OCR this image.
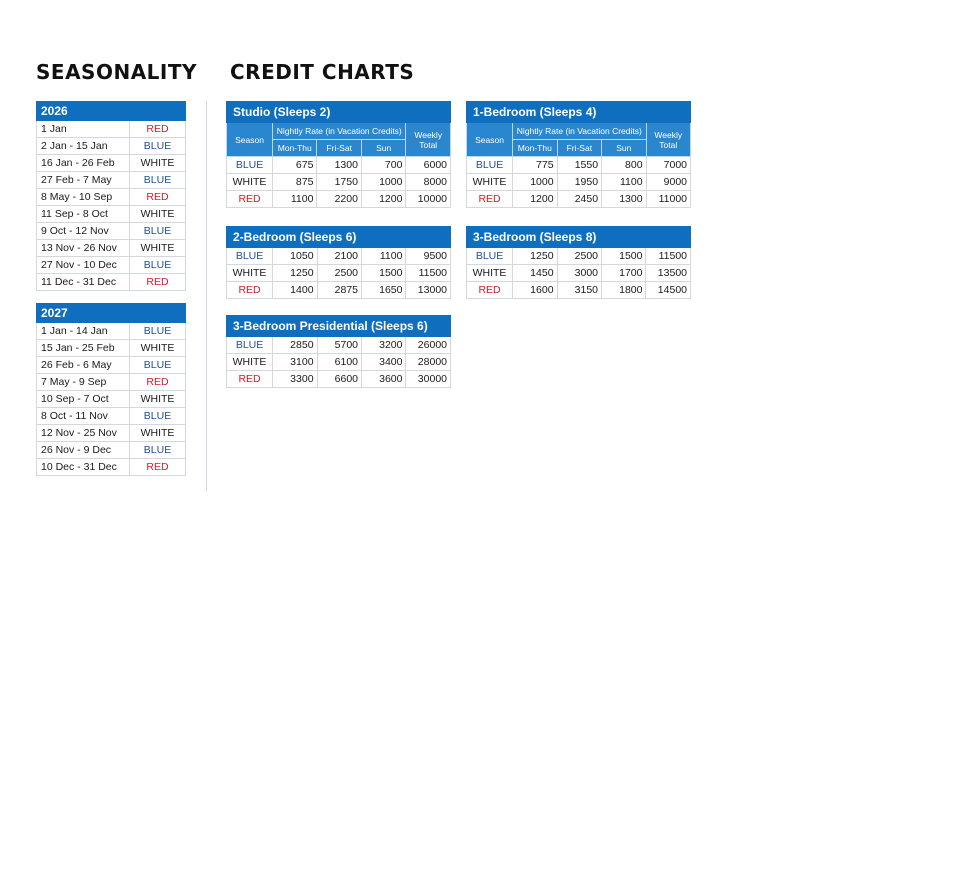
SEASONALITY CREDIT CHARTS
2026	
1 Jan	RED
2 Jan - 15 Jan	BLUE
16 Jan - 26 Feb	WHITE
27 Feb - 7 May	BLUE
8 May - 10 Sep	RED
11 Sep - 8 Oct	WHITE
9 Oct - 12 Nov	BLUE
13 Nov - 26 Nov	WHITE
27 Nov - 10 Dec	BLUE
11 Dec - 31 Dec	RED
2027	
1 Jan - 14 Jan	BLUE
15 Jan - 25 Feb	WHITE
26 Feb - 6 May	BLUE
7 May - 9 Sep	RED
10 Sep - 7 Oct	WHITE
8 Oct - 11 Nov	BLUE
12 Nov - 25 Nov	WHITE
26 Nov - 9 Dec	BLUE
10 Dec - 31 Dec	RED
Studio (Sleeps 2)				
Season	Nightly Rate (in Vacation Credits)			Weekly Total
	Mon-Thu	Fri-Sat	Sun	
BLUE	675	1300	700	6000
WHITE	875	1750	1000	8000
RED	1100	2200	1200	10000
1-Bedroom (Sleeps 4)				
Season	Nightly Rate (in Vacation Credits)			Weekly Total
	Mon-Thu	Fri-Sat	Sun	
BLUE	775	1550	800	7000
WHITE	1000	1950	1100	9000
RED	1200	2450	1300	11000
2-Bedroom (Sleeps 6)				
BLUE	1050	2100	1100	9500
WHITE	1250	2500	1500	11500
RED	1400	2875	1650	13000
3-Bedroom (Sleeps 8)				
BLUE	1250	2500	1500	11500
WHITE	1450	3000	1700	13500
RED	1600	3150	1800	14500
3-Bedroom Presidential (Sleeps 6)				
BLUE	2850	5700	3200	26000
WHITE	3100	6100	3400	28000
RED	3300	6600	3600	30000
